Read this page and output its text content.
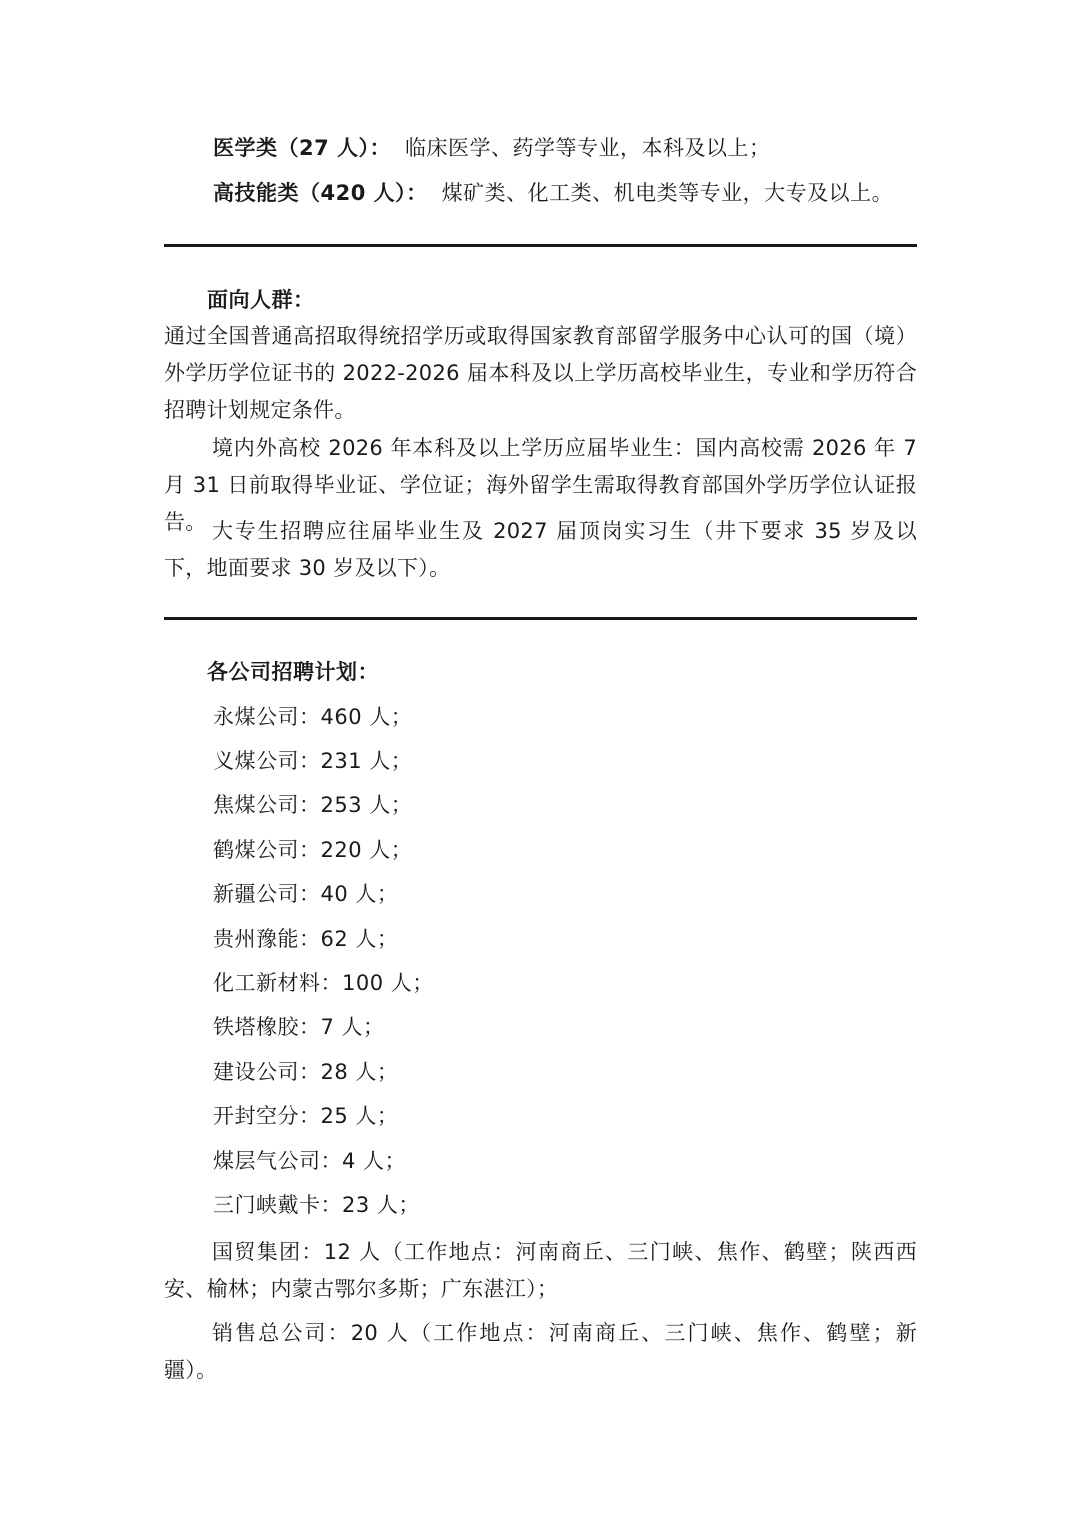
医学类（27 人）： 临床医学、药学等专业，本科及以上；
高技能类（420 人）： 煤矿类、化工类、机电类等专业，大专及以上。
面向人群：
通过全国普通高招取得统招学历或取得国家教育部留学服务中心认可的国（境）外学历学位证书的 2022-2026 届本科及以上学历高校毕业生，专业和学历符合招聘计划规定条件。
境内外高校 2026 年本科及以上学历应届毕业生：国内高校需 2026 年 7 月 31 日前取得毕业证、学位证；海外留学生需取得教育部国外学历学位认证报告。 大专生招聘应往届毕业生及 2027 届顶岗实习生（井下要求 35 岁及以下，地面要求 30 岁及以下）。
各公司招聘计划：
永煤公司：460 人；
义煤公司：231 人；
焦煤公司：253 人；
鹤煤公司：220 人；
新疆公司：40 人；
贵州豫能：62 人；
化工新材料：100 人；
铁塔橡胶：7 人；
建设公司：28 人；
开封空分：25 人；
煤层气公司：4 人；
三门峡戴卡：23 人；
国贸集团：12 人（工作地点：河南商丘、三门峡、焦作、鹤壁；陕西西安、榆林；内蒙古鄂尔多斯；广东湛江）；
销售总公司：20 人（工作地点：河南商丘、三门峡、焦作、鹤壁；新疆）。
